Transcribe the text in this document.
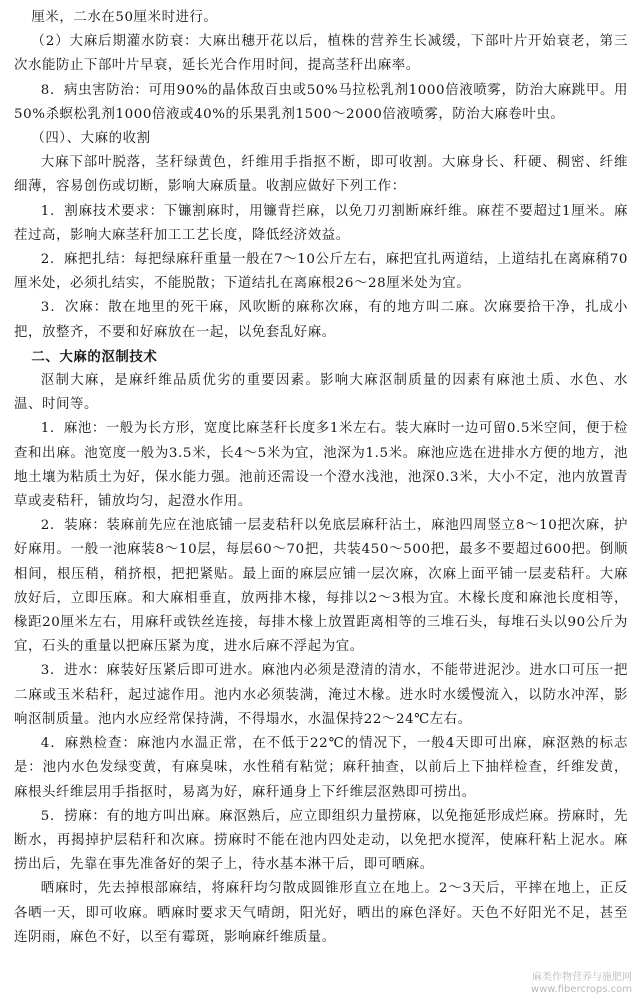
厘米，二水在50厘米时进行。

（2）大麻后期灌水防衰：大麻出穗开花以后，植株的营养生长减缓，下部叶片开始衰老，第三次水能防止下部叶片早衰，延长光合作用时间，提高茎秆出麻率。

8．病虫害防治：可用90%的晶体敌百虫或50%马拉松乳剂1000倍液喷雾，防治大麻跳甲。用50%杀螟松乳剂1000倍液或40%的乐果乳剂1500～2000倍液喷雾，防治大麻卷叶虫。

（四）、大麻的收割

大麻下部叶脱落，茎秆绿黄色，纤维用手指抠不断，即可收割。大麻身长、秆硬、稠密、纤维细薄，容易创伤或切断，影响大麻质量。收割应做好下列工作：

1．割麻技术要求：下镰割麻时，用镰背拦麻，以免刀刃割断麻纤维。麻茬不要超过1厘米。麻茬过高，影响大麻茎秆加工工艺长度，降低经济效益。

2．麻把扎结：每把绿麻秆重量一般在7～10公斤左右，麻把宜扎两道结，上道结扎在离麻稍70厘米处，必须扎结实，不能脱散；下道结扎在离麻根26～28厘米处为宜。

3．次麻：散在地里的死干麻，风吹断的麻称次麻，有的地方叫二麻。次麻要拾干净，扎成小把，放整齐，不要和好麻放在一起，以免套乱好麻。

二、大麻的沤制技术

沤制大麻，是麻纤维品质优劣的重要因素。影响大麻沤制质量的因素有麻池土质、水色、水温、时间等。

1．麻池：一般为长方形，宽度比麻茎秆长度多1米左右。装大麻时一边可留0.5米空间，便于检查和出麻。池宽度一般为3.5米，长4～5米为宜，池深为1.5米。麻池应选在进排水方便的地方，池地土壤为粘质土为好，保水能力强。池前还需设一个澄水浅池，池深0.3米，大小不定，池内放置青草或麦秸秆，铺放均匀，起澄水作用。

2．装麻：装麻前先应在池底铺一层麦秸秆以免底层麻秆沾土，麻池四周竖立8～10把次麻，护好麻用。一般一池麻装8～10层，每层60～70把，共装450～500把，最多不要超过600把。倒顺相间，根压稍，稍挤根，把把紧贴。最上面的麻层应铺一层次麻，次麻上面平铺一层麦秸秆。大麻放好后，立即压麻。和大麻相垂直，放两排木椽，每排以2～3根为宜。木椽长度和麻池长度相等，椽距20厘米左右，用麻秆或铁丝连接，每排木椽上放置距离相等的三堆石头，每堆石头以90公斤为宜，石头的重量以把麻压紧为度，进水后麻不浮起为宜。

3．进水：麻装好压紧后即可进水。麻池内必须是澄清的清水，不能带进泥沙。进水口可压一把二麻或玉米秸秆，起过滤作用。池内水必须装满，淹过木椽。进水时水缓慢流入，以防水冲浑，影响沤制质量。池内水应经常保持满，不得塌水，水温保持22～24℃左右。

4．麻熟检查：麻池内水温正常，在不低于22℃的情况下，一般4天即可出麻，麻沤熟的标志是：池内水色发绿变黄，有麻臭味，水性稍有粘觉；麻秆抽查，以前后上下抽样检查，纤维发黄，麻根头纤维层用手指抠时，易离为好，麻秆通身上下纤维层沤熟即可捞出。

5．捞麻：有的地方叫出麻。麻沤熟后，应立即组织力量捞麻，以免拖延形成烂麻。捞麻时，先断水，再揭掉护层秸秆和次麻。捞麻时不能在池内四处走动，以免把水搅浑，使麻秆粘上泥水。麻捞出后，先靠在事先准备好的架子上，待水基本淋干后，即可晒麻。

晒麻时，先去掉根部麻结，将麻秆均匀散成圆锥形直立在地上。2～3天后，平摔在地上，正反各晒一天，即可收麻。晒麻时要求天气晴朗，阳光好，晒出的麻色泽好。天色不好阳光不足，甚至连阴雨，麻色不好，以至有霉斑，影响麻纤维质量。

麻类作物营养与施肥网
www.fibercrops.com
